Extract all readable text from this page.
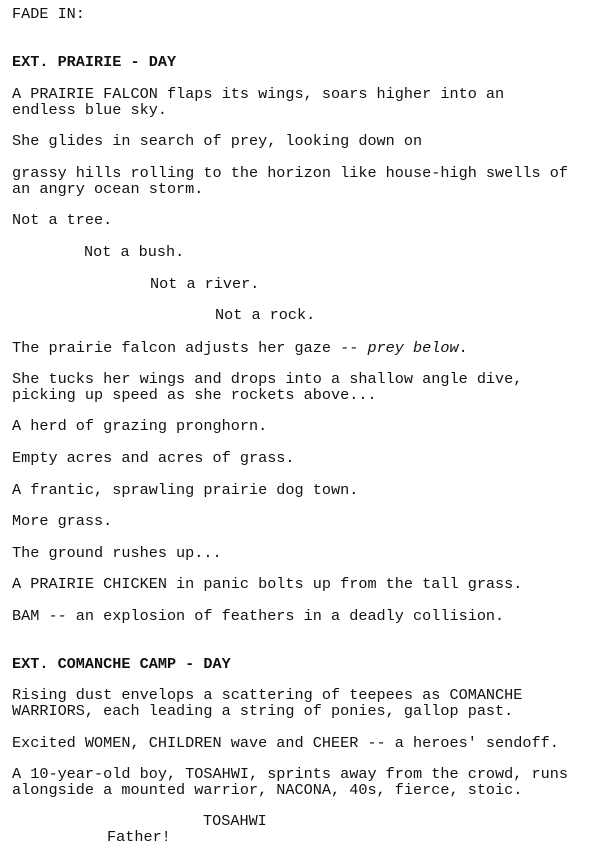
FADE IN:

EXT. PRAIRIE - DAY

A PRAIRIE FALCON flaps its wings, soars higher into an

endless blue sky.

She glides in search of prey, looking down on

grassy hills rolling to the horizon like house-high swells of

an angry ocean storm.

Not a tree.

Not a bush.

Not a river.

Not a rock.

The prairie falcon adjusts her gaze -- prey below.

She tucks her wings and drops into a shallow angle dive,

picking up speed as she rockets above...

A herd of grazing pronghorn.

Empty acres and acres of grass.

A frantic, sprawling prairie dog town.

More grass.

The ground rushes up...

A PRAIRIE CHICKEN in panic bolts up from the tall grass.

BAM -- an explosion of feathers in a deadly collision.

EXT. COMANCHE CAMP - DAY

Rising dust envelops a scattering of teepees as COMANCHE

WARRIORS, each leading a string of ponies, gallop past.

Excited WOMEN, CHILDREN wave and CHEER -- a heroes' sendoff.

A 10-year-old boy, TOSAHWI, sprints away from the crowd, runs

alongside a mounted warrior, NACONA, 40s, fierce, stoic.

TOSAHWI

Father!
